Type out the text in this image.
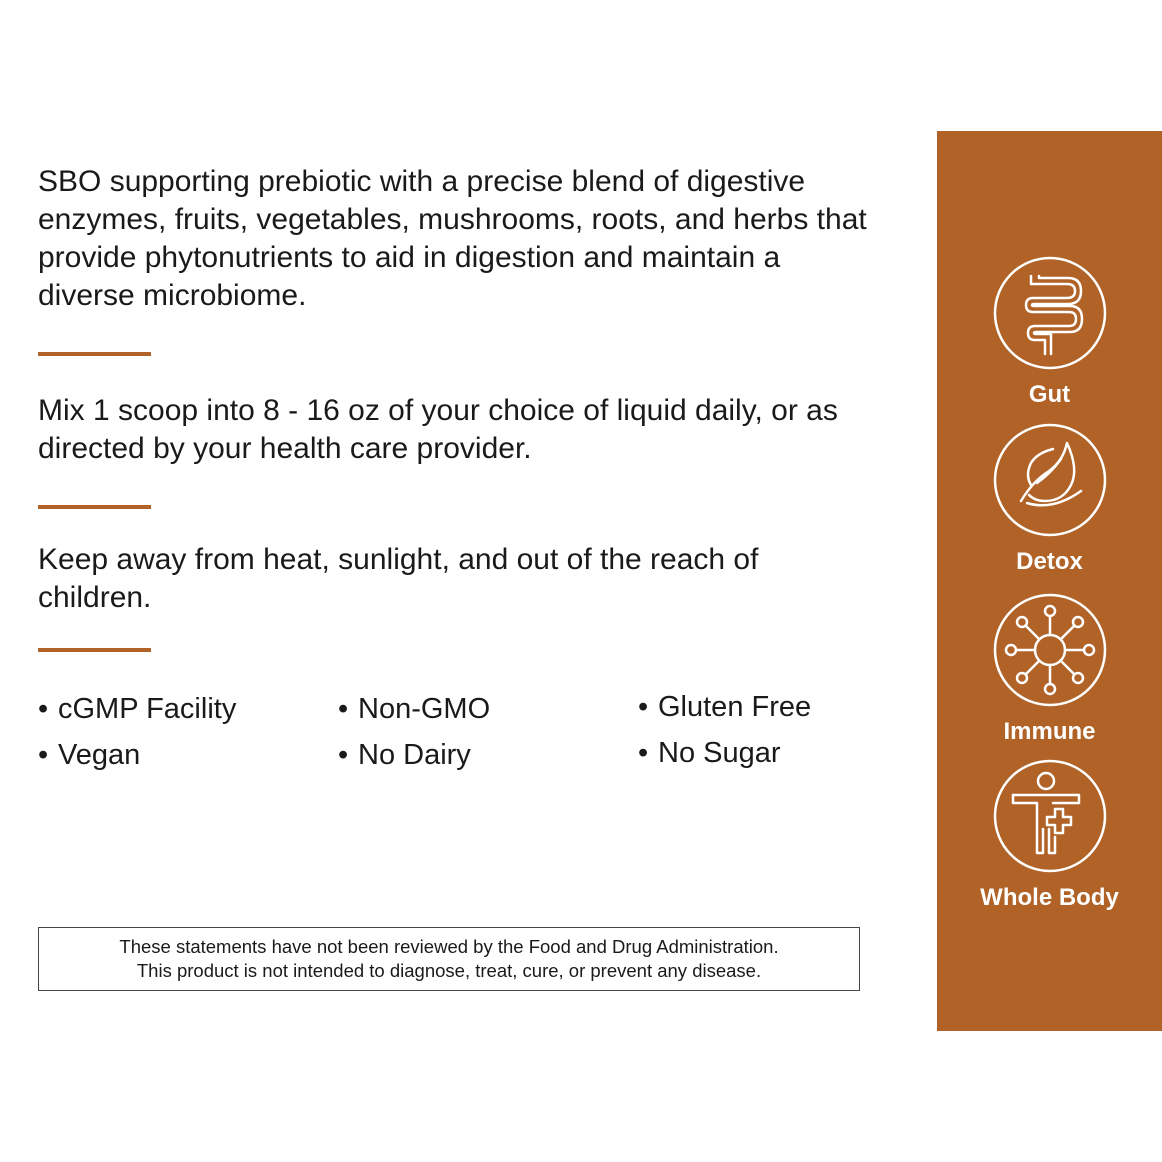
SBO supporting prebiotic with a precise blend of digestive enzymes, fruits, vegetables, mushrooms, roots, and herbs that provide phytonutrients to aid in digestion and maintain a diverse microbiome.

Mix 1 scoop into 8 - 16 oz of your choice of liquid daily, or as directed by your health care provider.

Keep away from heat, sunlight, and out of the reach of children.

• cGMP Facility
• Vegan
• Non-GMO
• No Dairy
• Gluten Free
• No Sugar
These statements have not been reviewed by the Food and Drug Administration.
This product is not intended to diagnose, treat, cure, or prevent any disease.
Gut
Detox
Immune
Whole Body
